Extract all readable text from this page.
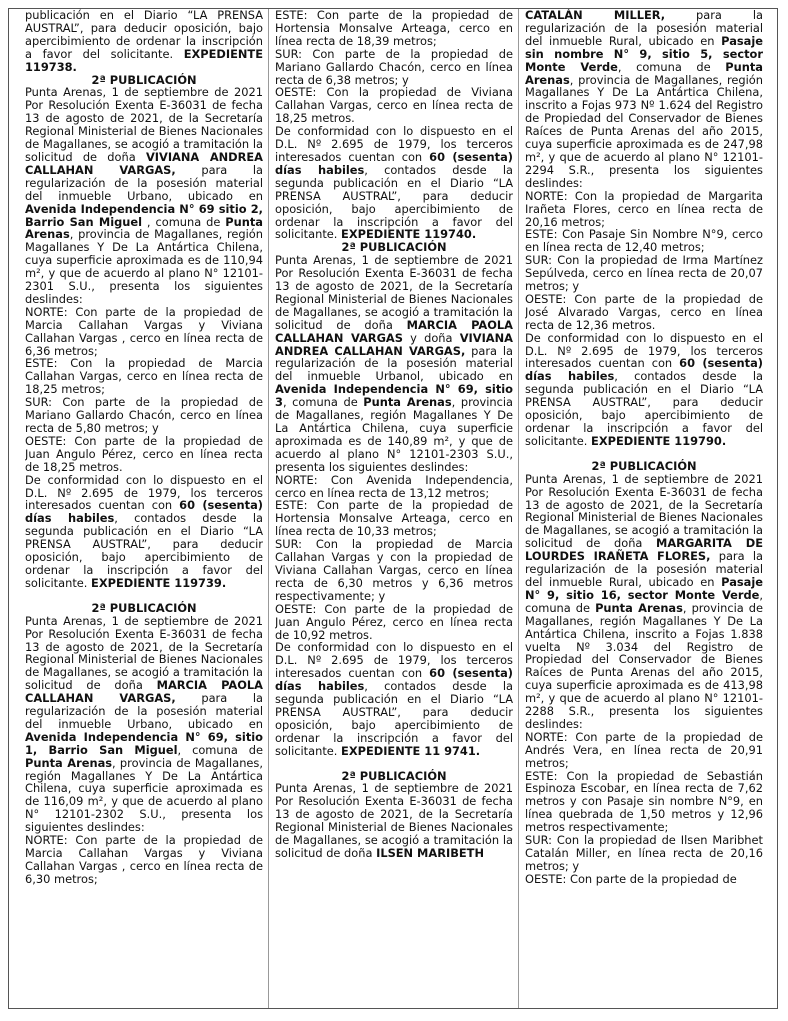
publicación en el Diario “LA PRENSA AUSTRAL”, para deducir oposición, bajo apercibimiento de ordenar la inscripción a favor del solicitante. EXPEDIENTE 119738.

2ª PUBLICACIÓN

Punta Arenas, 1 de septiembre de 2021 Por Resolución Exenta E-36031 de fecha 13 de agosto de 2021, de la Secretaría Regional Ministerial de Bienes Nacionales de Magallanes, se acogió a tramitación la solicitud de doña VIVIANA ANDREA CALLAHAN VARGAS, para la regularización de la posesión material del inmueble Urbano, ubicado en Avenida Independencia N° 69 sitio 2, Barrio San Miguel , comuna de Punta Arenas, provincia de Magallanes, región Magallanes Y De La Antártica Chilena, cuya superficie aproximada es de 110,94 m², y que de acuerdo al plano N° 12101-2301 S.U., presenta los siguientes deslindes:

NORTE: Con parte de la propiedad de Marcia Callahan Vargas y Viviana Callahan Vargas , cerco en línea recta de 6,36 metros;

ESTE: Con la propiedad de Marcia Callahan Vargas, cerco en línea recta de 18,25 metros;

SUR: Con parte de la propiedad de Mariano Gallardo Chacón, cerco en línea recta de 5,80 metros; y

OESTE: Con parte de la propiedad de Juan Angulo Pérez, cerco en línea recta de 18,25 metros.

De conformidad con lo dispuesto en el D.L. Nº 2.695 de 1979, los terceros interesados cuentan con 60 (sesenta) días habiles, contados desde la segunda publicación en el Diario “LA PRENSA AUSTRAL”, para deducir oposición, bajo apercibimiento de ordenar la inscripción a favor del solicitante. EXPEDIENTE 119739.

2ª PUBLICACIÓN

Punta Arenas, 1 de septiembre de 2021 Por Resolución Exenta E-36031 de fecha 13 de agosto de 2021, de la Secretaría Regional Ministerial de Bienes Nacionales de Magallanes, se acogió a tramitación la solicitud de doña MARCIA PAOLA CALLAHAN VARGAS, para la regularización de la posesión material del inmueble Urbano, ubicado en Avenida Independencia N° 69, sitio 1, Barrio San Miguel, comuna de Punta Arenas, provincia de Magallanes, región Magallanes Y De La Antártica Chilena, cuya superficie aproximada es de 116,09 m², y que de acuerdo al plano N° 12101-2302 S.U., presenta los siguientes deslindes:

NORTE: Con parte de la propiedad de Marcia Callahan Vargas y Viviana Callahan Vargas , cerco en línea recta de 6,30 metros;

ESTE: Con parte de la propiedad de Hortensia Monsalve Arteaga, cerco en línea recta de 18,39 metros;

SUR: Con parte de la propiedad de Mariano Gallardo Chacón, cerco en línea recta de 6,38 metros; y

OESTE: Con la propiedad de Viviana Callahan Vargas, cerco en línea recta de 18,25 metros.

De conformidad con lo dispuesto en el D.L. Nº 2.695 de 1979, los terceros interesados cuentan con 60 (sesenta) días habiles, contados desde la segunda publicación en el Diario “LA PRENSA AUSTRAL”, para deducir oposición, bajo apercibimiento de ordenar la inscripción a favor del solicitante. EXPEDIENTE 119740.

2ª PUBLICACIÓN

Punta Arenas, 1 de septiembre de 2021 Por Resolución Exenta E-36031 de fecha 13 de agosto de 2021, de la Secretaría Regional Ministerial de Bienes Nacionales de Magallanes, se acogió a tramitación la solicitud de doña MARCIA PAOLA CALLAHAN VARGAS y doña VIVIANA ANDREA CALLAHAN VARGAS, para la regularización de la posesión material del inmueble Urbanol, ubicado en Avenida Independencia N° 69, sitio 3, comuna de Punta Arenas, provincia de Magallanes, región Magallanes Y De La Antártica Chilena, cuya superficie aproximada es de 140,89 m², y que de acuerdo al plano N° 12101-2303 S.U., presenta los siguientes deslindes:

NORTE: Con Avenida Independencia, cerco en línea recta de 13,12 metros;

ESTE: Con parte de la propiedad de Hortensia Monsalve Arteaga, cerco en línea recta de 10,33 metros;

SUR: Con la propiedad de Marcia Callahan Vargas y con la propiedad de Viviana Callahan Vargas, cerco en línea recta de 6,30 metros y 6,36 metros respectivamente; y

OESTE: Con parte de la propiedad de Juan Angulo Pérez, cerco en línea recta de 10,92 metros.

De conformidad con lo dispuesto en el D.L. Nº 2.695 de 1979, los terceros interesados cuentan con 60 (sesenta) días habiles, contados desde la segunda publicación en el Diario “LA PRENSA AUSTRAL”, para deducir oposición, bajo apercibimiento de ordenar la inscripción a favor del solicitante. EXPEDIENTE 11 9741.

2ª PUBLICACIÓN

Punta Arenas, 1 de septiembre de 2021 Por Resolución Exenta E-36031 de fecha 13 de agosto de 2021, de la Secretaría Regional Ministerial de Bienes Nacionales de Magallanes, se acogió a tramitación la solicitud de doña ILSEN MARIBETH

CATALÁN MILLER, para la regularización de la posesión material del inmueble Rural, ubicado en Pasaje sin nombre N° 9, sitio 5, sector Monte Verde, comuna de Punta Arenas, provincia de Magallanes, región Magallanes Y De La Antártica Chilena, inscrito a Fojas 973 Nº 1.624 del Registro de Propiedad del Conservador de Bienes Raíces de Punta Arenas del año 2015, cuya superficie aproximada es de 247,98 m², y que de acuerdo al plano N° 12101-2294 S.R., presenta los siguientes deslindes:

NORTE: Con la propiedad de Margarita Irañeta Flores, cerco en línea recta de 20,16 metros;

ESTE: Con Pasaje Sin Nombre N°9, cerco en línea recta de 12,40 metros;

SUR: Con la propiedad de Irma Martínez Sepúlveda, cerco en línea recta de 20,07 metros; y

OESTE: Con parte de la propiedad de José Alvarado Vargas, cerco en línea recta de 12,36 metros.

De conformidad con lo dispuesto en el D.L. Nº 2.695 de 1979, los terceros interesados cuentan con 60 (sesenta) días habiles, contados desde la segunda publicación en el Diario “LA PRENSA AUSTRAL”, para deducir oposición, bajo apercibimiento de ordenar la inscripción a favor del solicitante. EXPEDIENTE 119790.

2ª PUBLICACIÓN

Punta Arenas, 1 de septiembre de 2021 Por Resolución Exenta E-36031 de fecha 13 de agosto de 2021, de la Secretaría Regional Ministerial de Bienes Nacionales de Magallanes, se acogió a tramitación la solicitud de doña MARGARITA DE LOURDES IRAÑETA FLORES, para la regularización de la posesión material del inmueble Rural, ubicado en Pasaje N° 9, sitio 16, sector Monte Verde, comuna de Punta Arenas, provincia de Magallanes, región Magallanes Y De La Antártica Chilena, inscrito a Fojas 1.838 vuelta Nº 3.034 del Registro de Propiedad del Conservador de Bienes Raíces de Punta Arenas del año 2015, cuya superficie aproximada es de 413,98 m², y que de acuerdo al plano N° 12101-2288 S.R., presenta los siguientes deslindes:

NORTE: Con parte de la propiedad de Andrés Vera, en línea recta de 20,91 metros;

ESTE: Con la propiedad de Sebastián Espinoza Escobar, en línea recta de 7,62 metros y con Pasaje sin nombre N°9, en línea quebrada de 1,50 metros y 12,96 metros respectivamente;

SUR: Con la propiedad de Ilsen Maribhet Catalán Miller, en línea recta de 20,16 metros; y

OESTE: Con parte de la propiedad de
